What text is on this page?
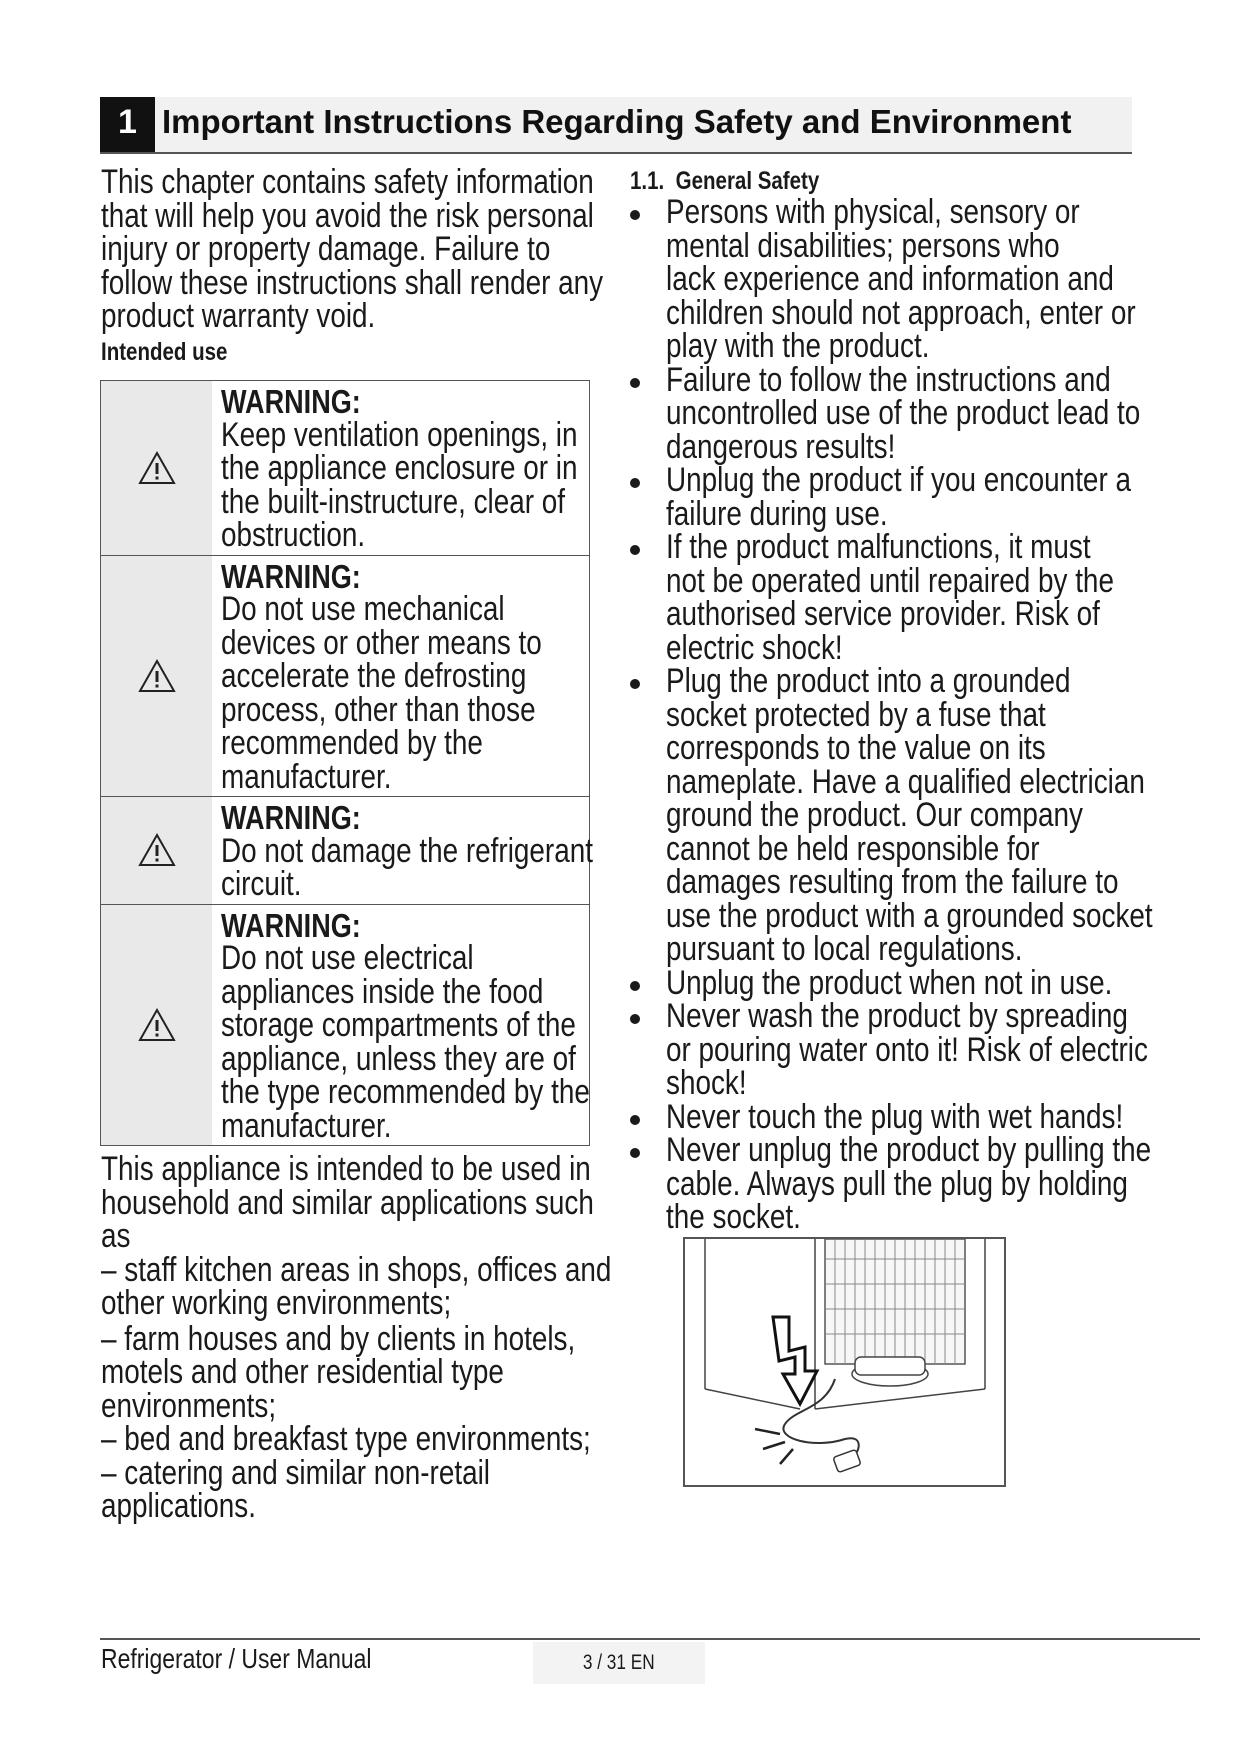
1 Important Instructions Regarding Safety and Environment
This chapter contains safety information
that will help you avoid the risk personal
injury or property damage. Failure to
follow these instructions shall render any
product warranty void.
Intended use
WARNING:
Keep ventilation openings, in
the appliance enclosure or in
the built-instructure, clear of
obstruction.
WARNING:
Do not use mechanical
devices or other means to
accelerate the defrosting
process, other than those
recommended by the
manufacturer.
WARNING:
Do not damage the refrigerant
circuit.
WARNING:
Do not use electrical
appliances inside the food
storage compartments of the
appliance, unless they are of
the type recommended by the
manufacturer.
This appliance is intended to be used in
household and similar applications such
as
– staff kitchen areas in shops, offices and
other working environments;
– farm houses and by clients in hotels,
motels and other residential type
environments;
– bed and breakfast type environments;
– catering and similar non-retail
applications.
1.1. General Safety
Persons with physical, sensory or
mental disabilities; persons who
lack experience and information and
children should not approach, enter or
play with the product.
Failure to follow the instructions and
uncontrolled use of the product lead to
dangerous results!
Unplug the product if you encounter a
failure during use.
If the product malfunctions, it must
not be operated until repaired by the
authorised service provider. Risk of
electric shock!
Plug the product into a grounded
socket protected by a fuse that
corresponds to the value on its
nameplate. Have a qualified electrician
ground the product. Our company
cannot be held responsible for
damages resulting from the failure to
use the product with a grounded socket
pursuant to local regulations.
Unplug the product when not in use.
Never wash the product by spreading
or pouring water onto it! Risk of electric
shock!
Never touch the plug with wet hands!
Never unplug the product by pulling the
cable. Always pull the plug by holding
the socket.
Refrigerator / User Manual	3 / 31 EN
